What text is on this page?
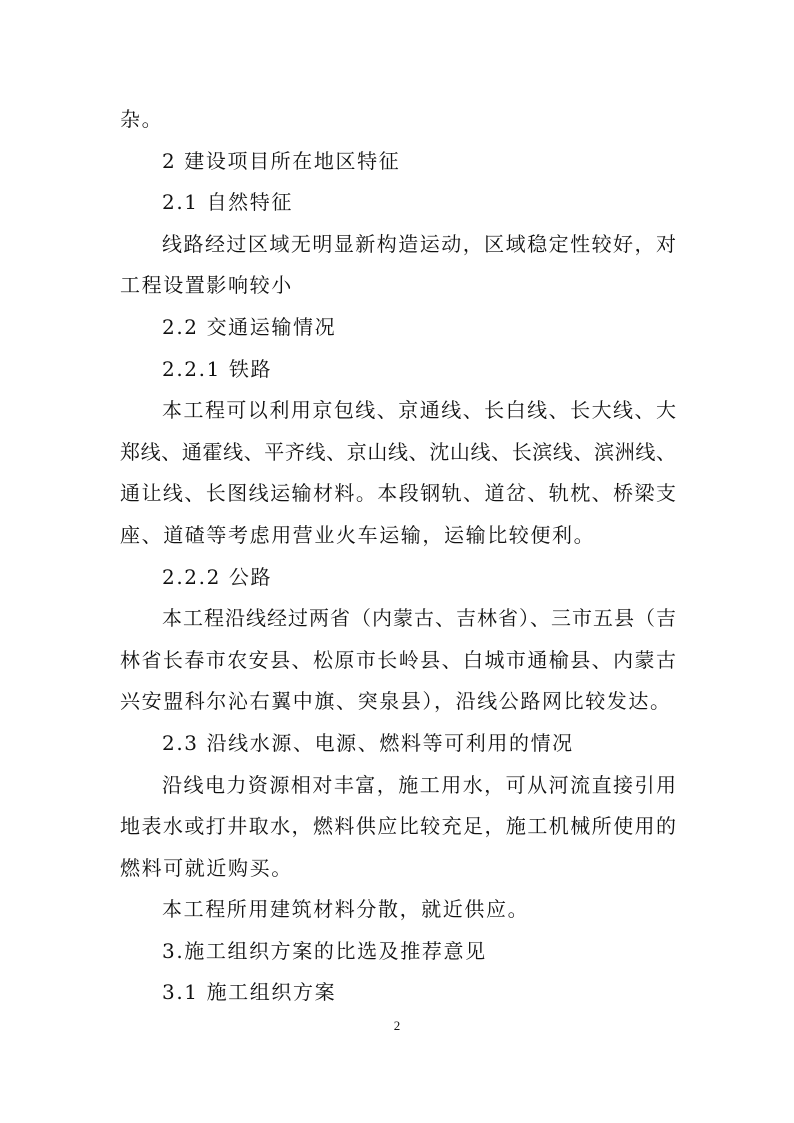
杂。
2 建设项目所在地区特征
2.1 自然特征
线路经过区域无明显新构造运动，区域稳定性较好，对
工程设置影响较小
2.2 交通运输情况
2.2.1 铁路
本工程可以利用京包线、京通线、长白线、长大线、大
郑线、通霍线、平齐线、京山线、沈山线、长滨线、滨洲线、
通让线、长图线运输材料。本段钢轨、道岔、轨枕、桥梁支
座、道碴等考虑用营业火车运输，运输比较便利。
2.2.2 公路
本工程沿线经过两省（内蒙古、吉林省）、三市五县（吉
林省长春市农安县、松原市长岭县、白城市通榆县、内蒙古
兴安盟科尔沁右翼中旗、突泉县），沿线公路网比较发达。
2.3 沿线水源、电源、燃料等可利用的情况
沿线电力资源相对丰富，施工用水，可从河流直接引用
地表水或打井取水，燃料供应比较充足，施工机械所使用的
燃料可就近购买。
本工程所用建筑材料分散，就近供应。
3.施工组织方案的比选及推荐意见
3.1 施工组织方案
2
